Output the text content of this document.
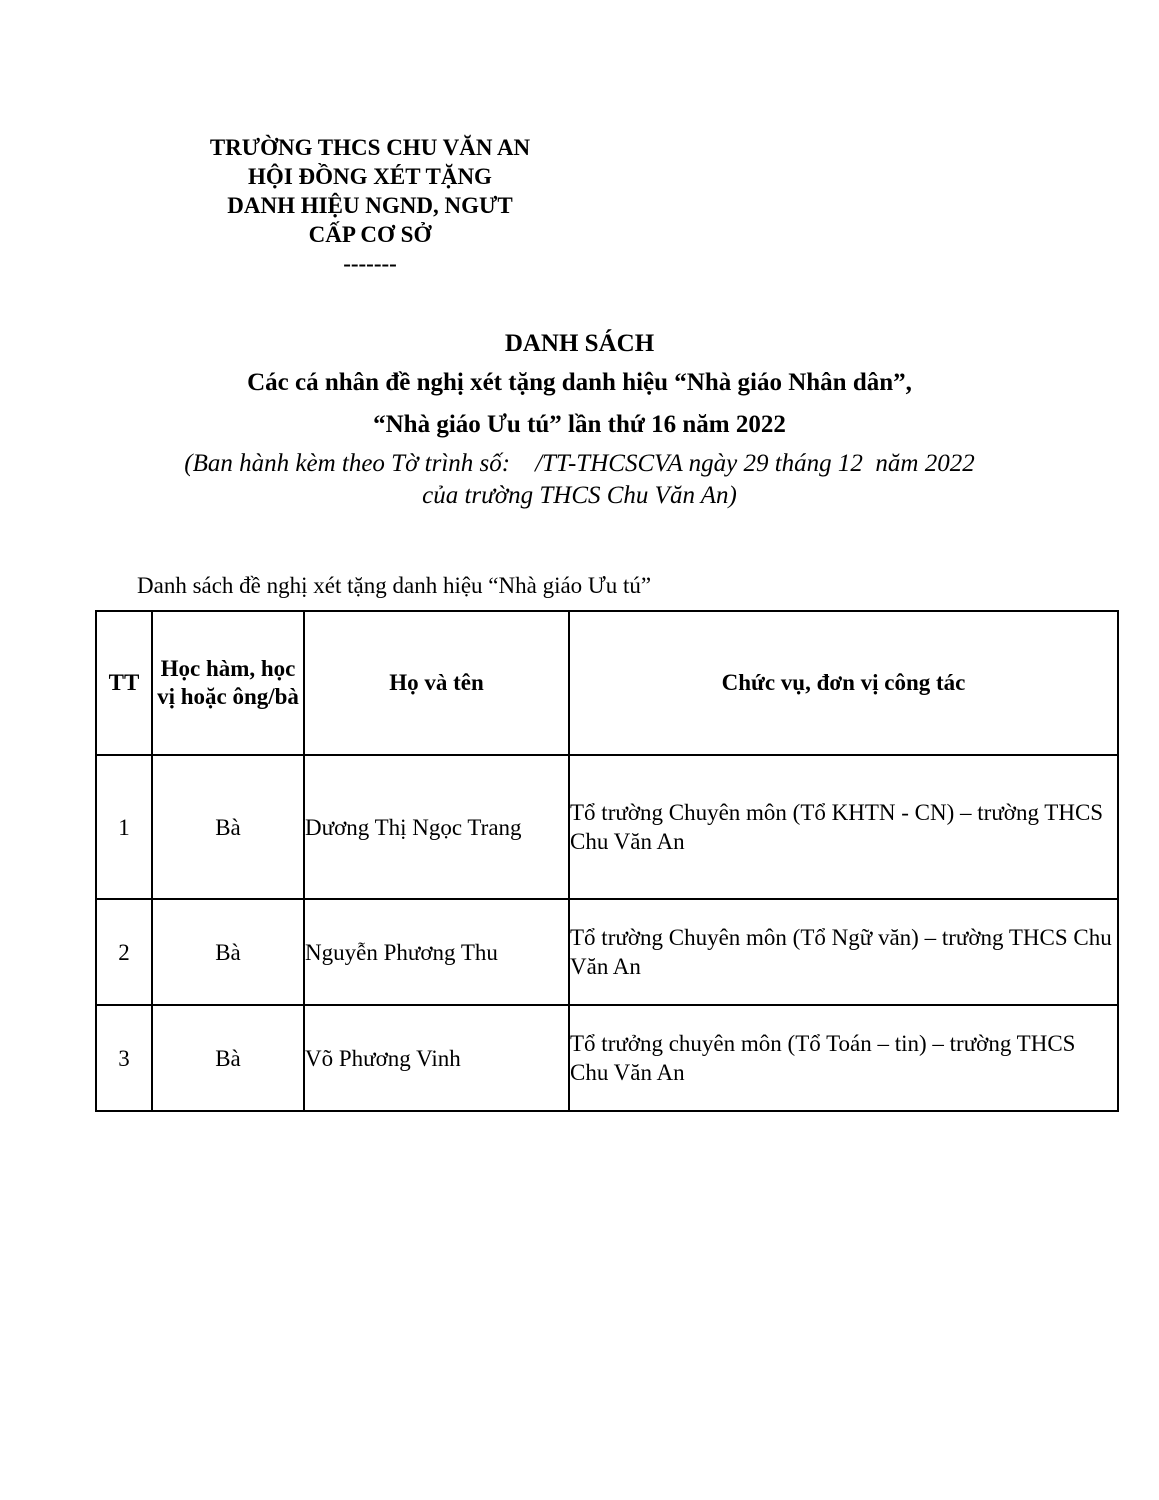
TRƯỜNG THCS CHU VĂN AN
HỘI ĐỒNG XÉT TẶNG
DANH HIỆU NGND, NGƯT
CẤP CƠ SỞ
-------
DANH SÁCH
Các cá nhân đề nghị xét tặng danh hiệu “Nhà giáo Nhân dân”,
“Nhà giáo Ưu tú” lần thứ 16 năm 2022
(Ban hành kèm theo Tờ trình số:    /TT-THCSCVA ngày 29 tháng 12  năm 2022
của trường THCS Chu Văn An)
Danh sách đề nghị xét tặng danh hiệu “Nhà giáo Ưu tú”
TT	Học hàm, học vị hoặc ông/bà	Họ và tên	Chức vụ, đơn vị công tác
1	Bà	Dương Thị Ngọc Trang	Tổ trường Chuyên môn (Tổ KHTN - CN) – trường THCS Chu Văn An

2	Bà	Nguyễn Phương Thu	Tổ trường Chuyên môn (Tổ Ngữ văn) – trường THCS Chu Văn An

3	Bà	Võ Phương Vinh	Tổ trưởng chuyên môn (Tổ Toán – tin) – trường THCS Chu Văn An
